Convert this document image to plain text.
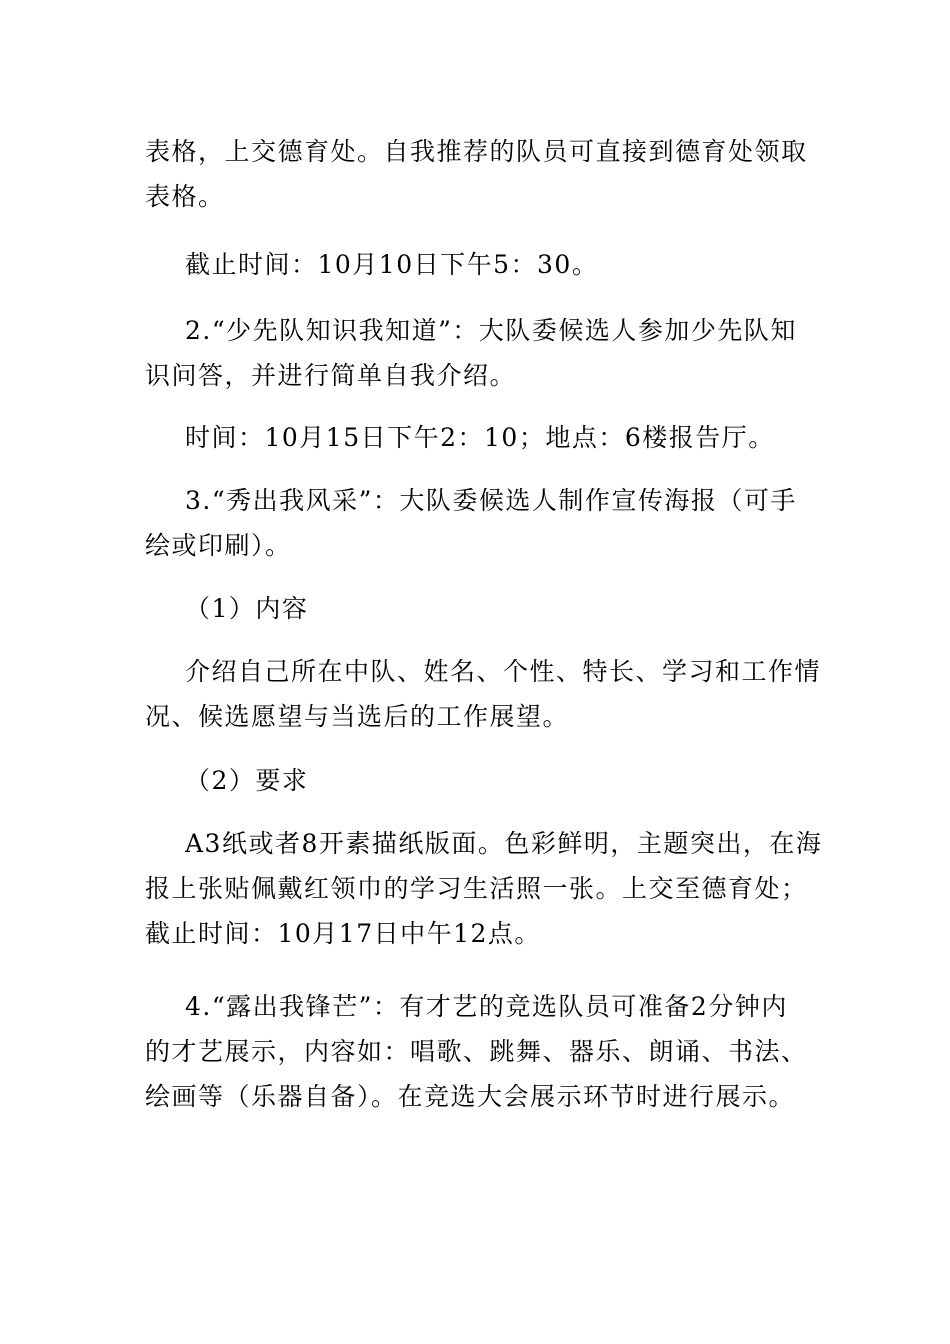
表格，上交德育处。自我推荐的队员可直接到德育处领取
表格。
截止时间：10月10日下午5：30。
2.“少先队知识我知道”：大队委候选人参加少先队知
识问答，并进行简单自我介绍。
时间：10月15日下午2：10；地点：6楼报告厅。
3.“秀出我风采”：大队委候选人制作宣传海报（可手
绘或印刷）。
（1）内容
介绍自己所在中队、姓名、个性、特长、学习和工作情
况、候选愿望与当选后的工作展望。
（2）要求
A3纸或者8开素描纸版面。色彩鲜明，主题突出，在海
报上张贴佩戴红领巾的学习生活照一张。上交至德育处；
截止时间：10月17日中午12点。
4.“露出我锋芒”：有才艺的竞选队员可准备2分钟内
的才艺展示，内容如：唱歌、跳舞、器乐、朗诵、书法、
绘画等（乐器自备）。在竞选大会展示环节时进行展示。
